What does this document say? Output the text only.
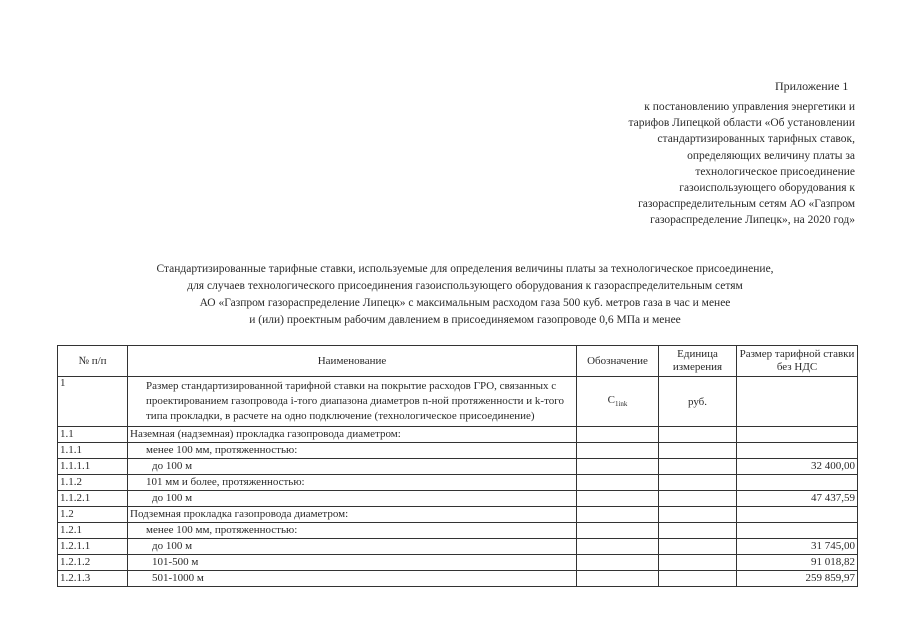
Приложение 1
к постановлению управления энергетики и
тарифов Липецкой области «Об установлении
стандартизированных тарифных ставок,
определяющих величину платы за
технологическое присоединение
газоиспользующего оборудования к
газораспределительным сетям АО «Газпром
газораспределение Липецк», на 2020 год»
Стандартизированные тарифные ставки, используемые для определения величины платы за технологическое присоединение,
для случаев технологического присоединения газоиспользующего оборудования к газораспределительным сетям
АО «Газпром газораспределение Липецк» с максимальным расходом газа 500 куб. метров газа в час и менее
и (или) проектным рабочим давлением в присоединяемом газопроводе 0,6 МПа и менее
№ п/п	Наименование	Обозначение	Единица измерения	Размер тарифной ставки без НДС
1	Размер стандартизированной тарифной ставки на покрытие расходов ГРО, связанных с проектированием газопровода i-того диапазона диаметров n-ной протяженности и k-того типа прокладки, в расчете на одно подключение (технологическое присоединение)	$C_{1ink}$	руб.	
1.1	Наземная (надземная) прокладка газопровода диаметром:			
1.1.1	менее 100 мм, протяженностью:			
1.1.1.1	до 100 м			32 400,00
1.1.2	101 мм и более, протяженностью:			
1.1.2.1	до 100 м			47 437,59
1.2	Подземная прокладка газопровода диаметром:			
1.2.1	менее 100 мм, протяженностью:			
1.2.1.1	до 100 м			31 745,00
1.2.1.2	101-500 м			91 018,82
1.2.1.3	501-1000 м			259 859,97
